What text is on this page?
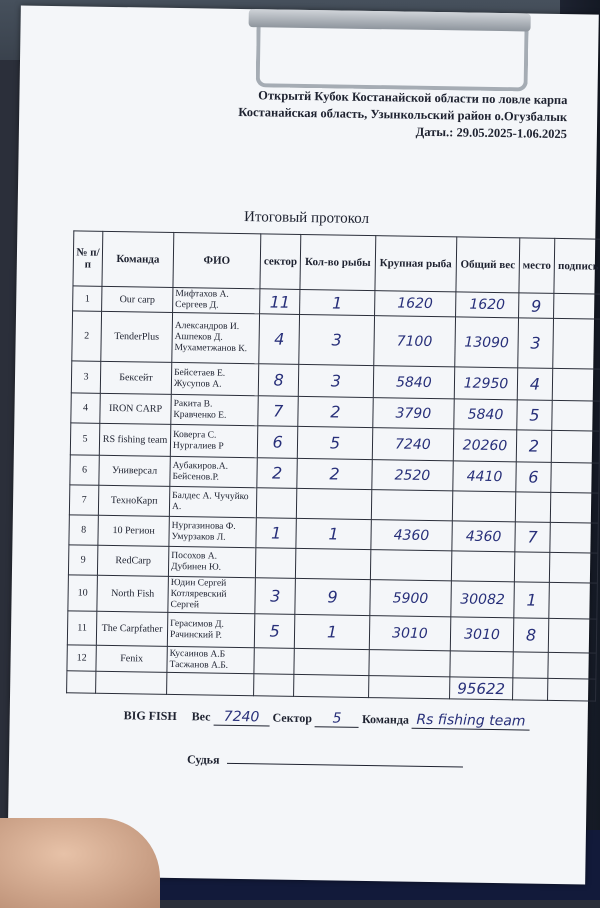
Открытй Кубок Костанайской области по ловле карпа
Костанайская область, Узынкольский район о.Огузбалык
Даты.: 29.05.2025-1.06.2025
Итоговый протокол
№ п/п	Команда	ФИО	сектор	Кол-во рыбы	Крупная рыба	Общий вес	место	подпись
1	Our carp	Мифтахов А. Сергеев Д.	11	1	1620	1620	9	
2	TenderPlus	Александров И. Ашпеков Д. Мухаметжанов К.	4	3	7100	13090	3	
3	Бексейт	Бейсетаев Е. Жусупов А.	8	3	5840	12950	4	
4	IRON CARP	Ракита В. Кравченко Е.	7	2	3790	5840	5	
5	RS fishing team	Коверга С. Нургалиев Р	6	5	7240	20260	2	
6	Универсал	Аубакиров.А. Бейсенов.Р.	2	2	2520	4410	6	
7	ТехноКарп	Балдес А. Чучуйко А.						
8	10 Регион	Нургазинова Ф. Умурзаков Л.	1	1	4360	4360	7	
9	RedCarp	Посохов А. Дубинен Ю.						
10	North Fish	Юдин Сергей Котляревский Сергей	3	9	5900	30082	1	
11	The Carpfather	Герасимов Д. Рачинский Р.	5	1	3010	3010	8	
12	Fenix	Кусаинов А.Б Тасжанов А.Б.						
						95622		
BIG FISH Вес 7240 Сектор 5 Команда Rs fishing team
Судья
